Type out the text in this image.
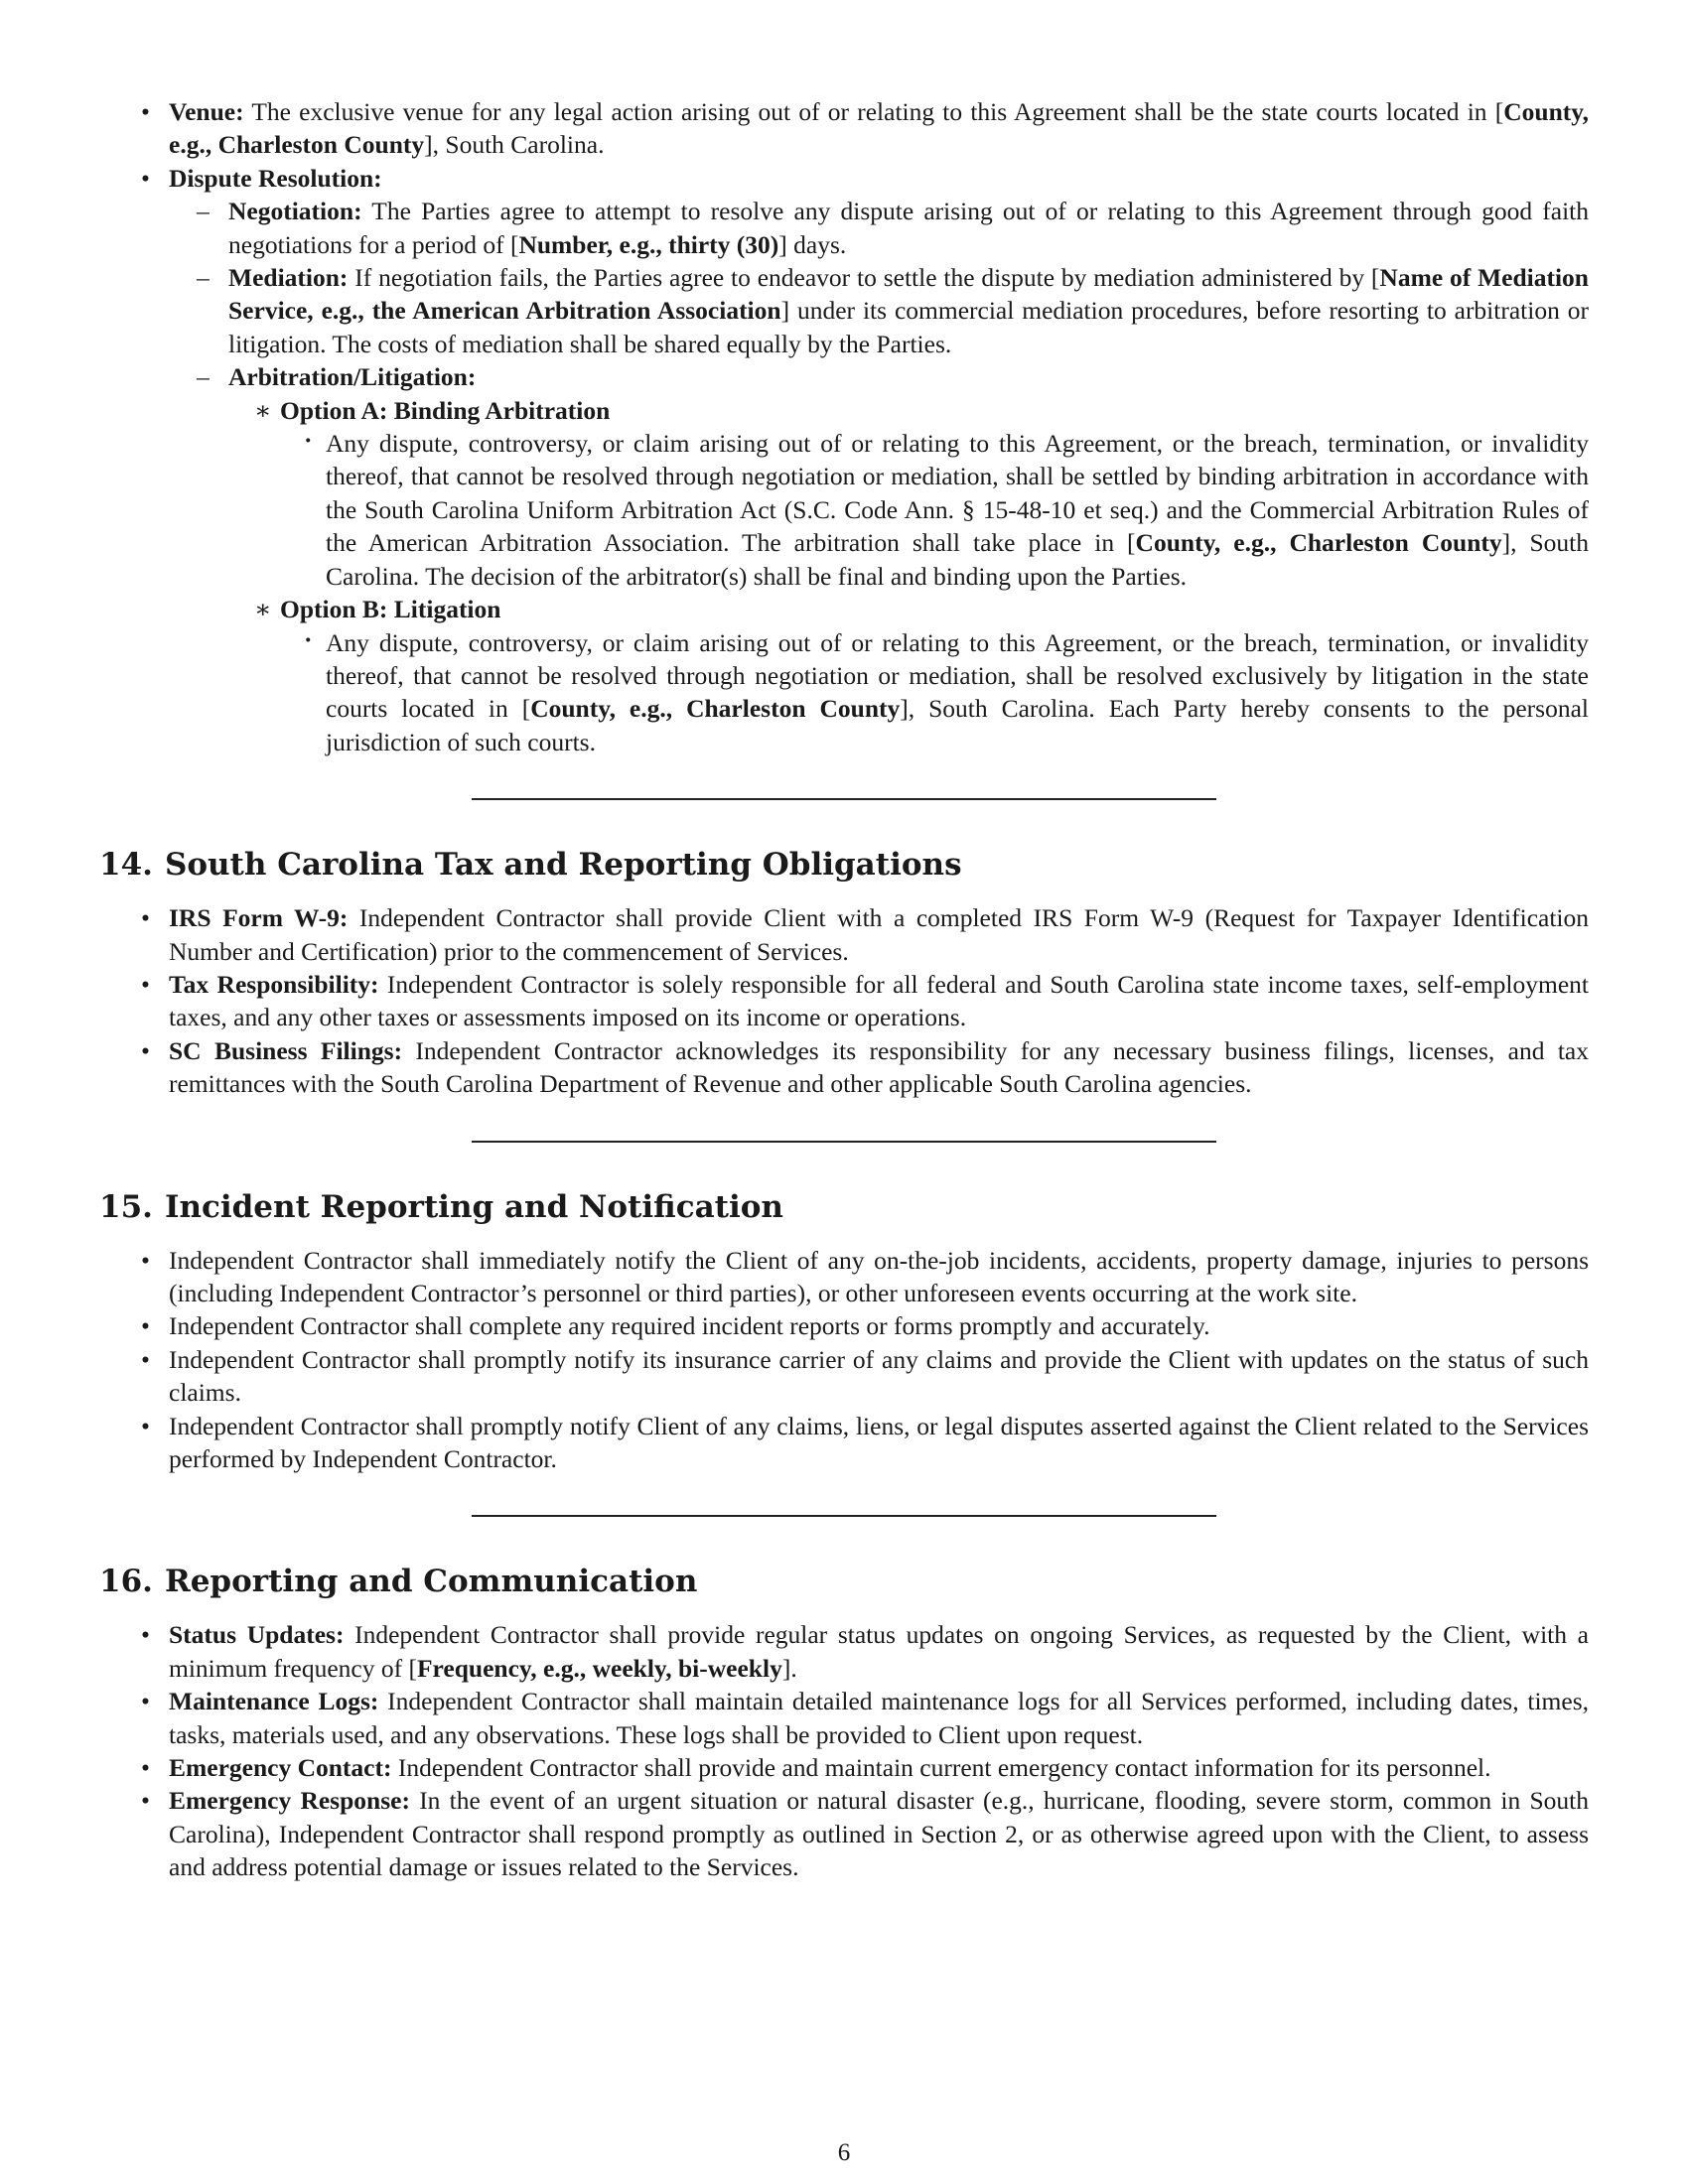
• Venue: The exclusive venue for any legal action arising out of or relating to this Agreement shall be the state courts located in [County, e.g., Charleston County], South Carolina.
• Dispute Resolution:
– Negotiation: The Parties agree to attempt to resolve any dispute arising out of or relating to this Agreement through good faith negotiations for a period of [Number, e.g., thirty (30)] days.
– Mediation: If negotiation fails, the Parties agree to endeavor to settle the dispute by mediation administered by [Name of Mediation Service, e.g., the American Arbitration Association] under its commercial mediation procedures, before resorting to arbitration or litigation. The costs of mediation shall be shared equally by the Parties.
– Arbitration/Litigation:
∗ Option A: Binding Arbitration
· Any dispute, controversy, or claim arising out of or relating to this Agreement, or the breach, termination, or invalidity thereof, that cannot be resolved through negotiation or mediation, shall be settled by binding arbitration in accordance with the South Carolina Uniform Arbitration Act (S.C. Code Ann. § 15-48-10 et seq.) and the Commercial Arbitration Rules of the American Arbitration Association. The arbitration shall take place in [County, e.g., Charleston County], South Carolina. The decision of the arbitrator(s) shall be final and binding upon the Parties.
∗ Option B: Litigation
· Any dispute, controversy, or claim arising out of or relating to this Agreement, or the breach, termination, or invalidity thereof, that cannot be resolved through negotiation or mediation, shall be resolved exclusively by litigation in the state courts located in [County, e.g., Charleston County], South Carolina. Each Party hereby consents to the personal jurisdiction of such courts.
14. South Carolina Tax and Reporting Obligations
• IRS Form W-9: Independent Contractor shall provide Client with a completed IRS Form W-9 (Request for Taxpayer Identification Number and Certification) prior to the commencement of Services.
• Tax Responsibility: Independent Contractor is solely responsible for all federal and South Carolina state income taxes, self-employment taxes, and any other taxes or assessments imposed on its income or operations.
• SC Business Filings: Independent Contractor acknowledges its responsibility for any necessary business filings, licenses, and tax remittances with the South Carolina Department of Revenue and other applicable South Carolina agencies.
15. Incident Reporting and Notification
• Independent Contractor shall immediately notify the Client of any on-the-job incidents, accidents, property damage, injuries to persons (including Independent Contractor’s personnel or third parties), or other unforeseen events occurring at the work site.
• Independent Contractor shall complete any required incident reports or forms promptly and accurately.
• Independent Contractor shall promptly notify its insurance carrier of any claims and provide the Client with updates on the status of such claims.
• Independent Contractor shall promptly notify Client of any claims, liens, or legal disputes asserted against the Client related to the Services performed by Independent Contractor.
16. Reporting and Communication
• Status Updates: Independent Contractor shall provide regular status updates on ongoing Services, as requested by the Client, with a minimum frequency of [Frequency, e.g., weekly, bi-weekly].
• Maintenance Logs: Independent Contractor shall maintain detailed maintenance logs for all Services performed, including dates, times, tasks, materials used, and any observations. These logs shall be provided to Client upon request.
• Emergency Contact: Independent Contractor shall provide and maintain current emergency contact information for its personnel.
• Emergency Response: In the event of an urgent situation or natural disaster (e.g., hurricane, flooding, severe storm, common in South Carolina), Independent Contractor shall respond promptly as outlined in Section 2, or as otherwise agreed upon with the Client, to assess and address potential damage or issues related to the Services.
6
